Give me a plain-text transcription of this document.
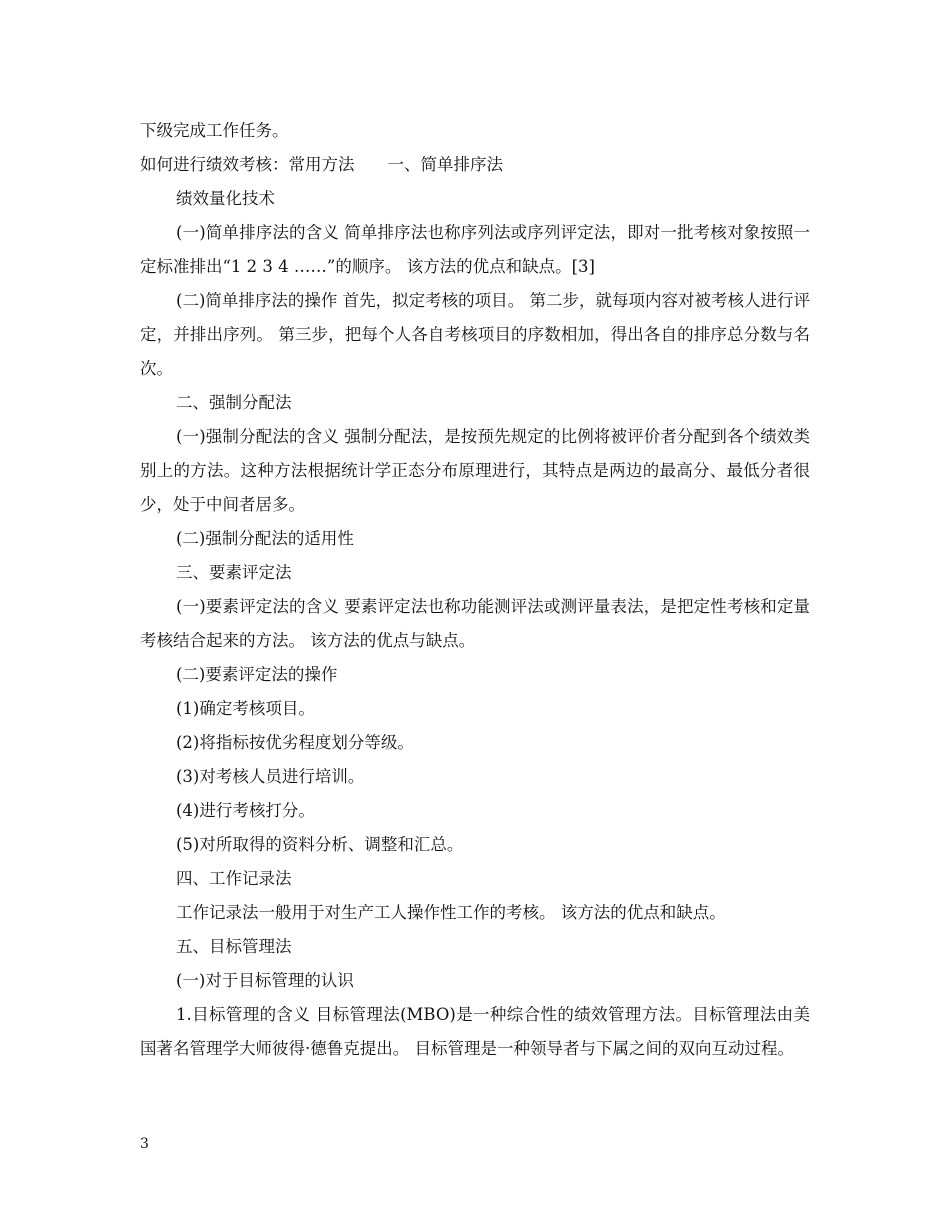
下级完成工作任务。

如何进行绩效考核：常用方法　　一、简单排序法

绩效量化技术

(一)简单排序法的含义 简单排序法也称序列法或序列评定法，即对一批考核对象按照一定标准排出“1 2 3 4 ……”的顺序。 该方法的优点和缺点。[3]

(二)简单排序法的操作 首先，拟定考核的项目。 第二步，就每项内容对被考核人进行评定，并排出序列。 第三步，把每个人各自考核项目的序数相加，得出各自的排序总分数与名次。

二、强制分配法

(一)强制分配法的含义 强制分配法，是按预先规定的比例将被评价者分配到各个绩效类别上的方法。这种方法根据统计学正态分布原理进行，其特点是两边的最高分、最低分者很少，处于中间者居多。

(二)强制分配法的适用性

三、要素评定法

(一)要素评定法的含义 要素评定法也称功能测评法或测评量表法，是把定性考核和定量考核结合起来的方法。 该方法的优点与缺点。

(二)要素评定法的操作

(1)确定考核项目。

(2)将指标按优劣程度划分等级。

(3)对考核人员进行培训。

(4)进行考核打分。

(5)对所取得的资料分析、调整和汇总。

四、工作记录法

工作记录法一般用于对生产工人操作性工作的考核。 该方法的优点和缺点。

五、目标管理法

(一)对于目标管理的认识

1.目标管理的含义 目标管理法(MBO)是一种综合性的绩效管理方法。目标管理法由美国著名管理学大师彼得·德鲁克提出。 目标管理是一种领导者与下属之间的双向互动过程。

3
